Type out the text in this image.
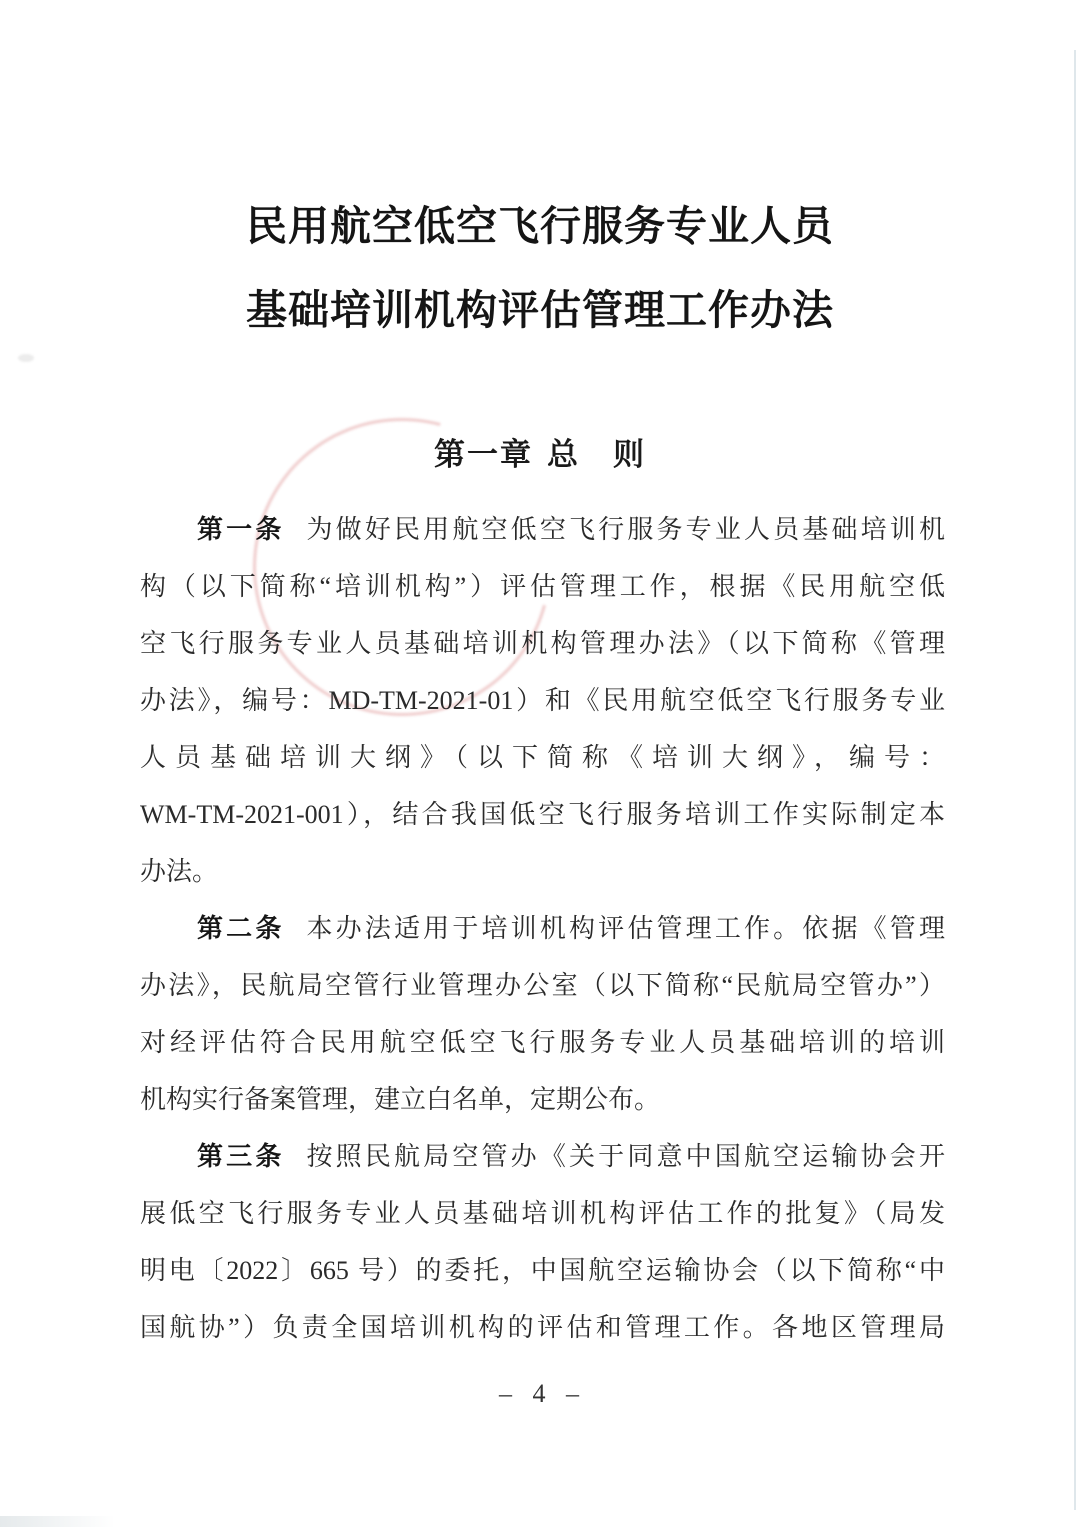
民用航空低空飞行服务专业人员
基础培训机构评估管理工作办法
第一章 总　则
第一条 为做好民用航空低空飞行服务专业人员基础培训机
构（以下简称“培训机构”）评估管理工作，根据《民用航空低
空飞行服务专业人员基础培训机构管理办法》（以下简称《管理
办法》，编号：MD-TM-2021-01）和《民用航空低空飞行服务专业
人员基础培训大纲》（以下简称《培训大纲》，编号：
WM-TM-2021-001），结合我国低空飞行服务培训工作实际制定本
办法。
第二条 本办法适用于培训机构评估管理工作。依据《管理
办法》，民航局空管行业管理办公室（以下简称“民航局空管办”）
对经评估符合民用航空低空飞行服务专业人员基础培训的培训
机构实行备案管理，建立白名单，定期公布。
第三条 按照民航局空管办《关于同意中国航空运输协会开
展低空飞行服务专业人员基础培训机构评估工作的批复》（局发
明电〔2022〕665 号）的委托，中国航空运输协会（以下简称“中
国航协”）负责全国培训机构的评估和管理工作。各地区管理局
– 4 –
